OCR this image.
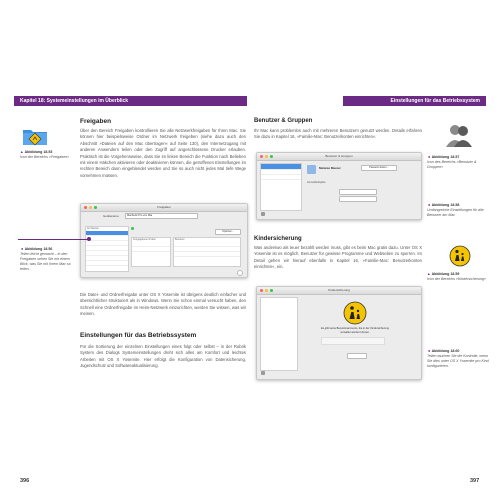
Kapitel 18: Systemeinstellungen im Überblick	Einstellungen für das Betriebssystem
▲ Abbildung 18.53
Icon der Bereichs »Freigaben«
Freigaben
Über den Bereich Freigaben kontrollieren Sie alle Netzwerkfreigaben für Ihren Mac. Sie können hier beispielsweise Ordner im Netzwerk freigeben (siehe dazu auch den Abschnitt »Dateien auf den Mac übertragen« auf Seite 130), den Internetzugang mit anderen Anwendern teilen oder den Zugriff auf angeschlossene Drucker erlauben. Praktisch ist die Vorgehensweise, dass Sie im linken Bereich die Funktion nach Belieben mit einem Häkchen aktivieren oder deaktivieren können, die getroffenen Einstellungen im rechten Bereich dann eingeblendet werden und Sie so auch nicht jedes Mal tiefe Wege vornehmen müssen.
Freigaben
Gerätename:	Macbook Pro von Mai
An Dienste
Freigegebene Ordner	Benutzer
Optionen...
◄ Abbildung 18.56
Teilen leicht gemacht – in den Freigaben sehen Sie mit einem Blick, was Sie mit Ihrem Mac so teilen.
Die Datei- und Ordnerfreigabe unter OS X Yosemite ist übrigens deutlich einfacher und übersichtlicher strukturiert als in Windows. Wenn Sie schon einmal versucht haben, den Schnell eine Ordnerfreigabe im Heim-Netzwerk einzurichten, werden Sie wissen, was wir meinen.
Einstellungen für das Betriebssystem
Für die Sortierung der einzelnen Einstellungen eines folgt oder selbst – in der Rubrik System des Dialogs Systemeinstellungen dreht sich alles am Komfort und leichtes Arbeiten mit OS X Yosemite. Hier erfolgt die Konfiguration von Datensicherung, Jugendschutz und Softwareaktualisierung.
396
Benutzer & Gruppen
Ihr Mac kann problemlos auch mit mehreren Benutzern genutzt werden. Details erfahren Sie dazu in Kapitel 16, »Familie-Mac: Benutzerkonten einrichten«.
Benutzer & Gruppen
Melanie Maurer	Passwort ändern...
Anmeldeobjekte
◄ Abbildung 18.57
Icon des Bereichs »Benutzer & Gruppen«
◄ Abbildung 18.58
Umfangreiche Einstellungen für alle Benutzer am Mac
Kindersicherung
Was anderswo als teuer bezahlt werden muss, gibt es beim Mac gratis dazu. Unter OS X Yosemite ist es möglich, Benutzer für gewisse Programme und Webseiten zu sperren. Im Detail gehen wir hierauf ebenfalls in Kapitel 16, »Familie-Mac: Benutzerkonten einrichten«, ein.
▲ Abbildung 18.59
Icon der Bereichs »Kindersicherung«
Kindersicherung
Es gibt keine Benutzeraccounts, die in der Kindersicherung verwaltet werden können.
◄ Abbildung 18.60
Teilen tauchen Sie die Kontrolle, wenn Sie dies unter OS X Yosemite pro Kind konfigurieren.
397
